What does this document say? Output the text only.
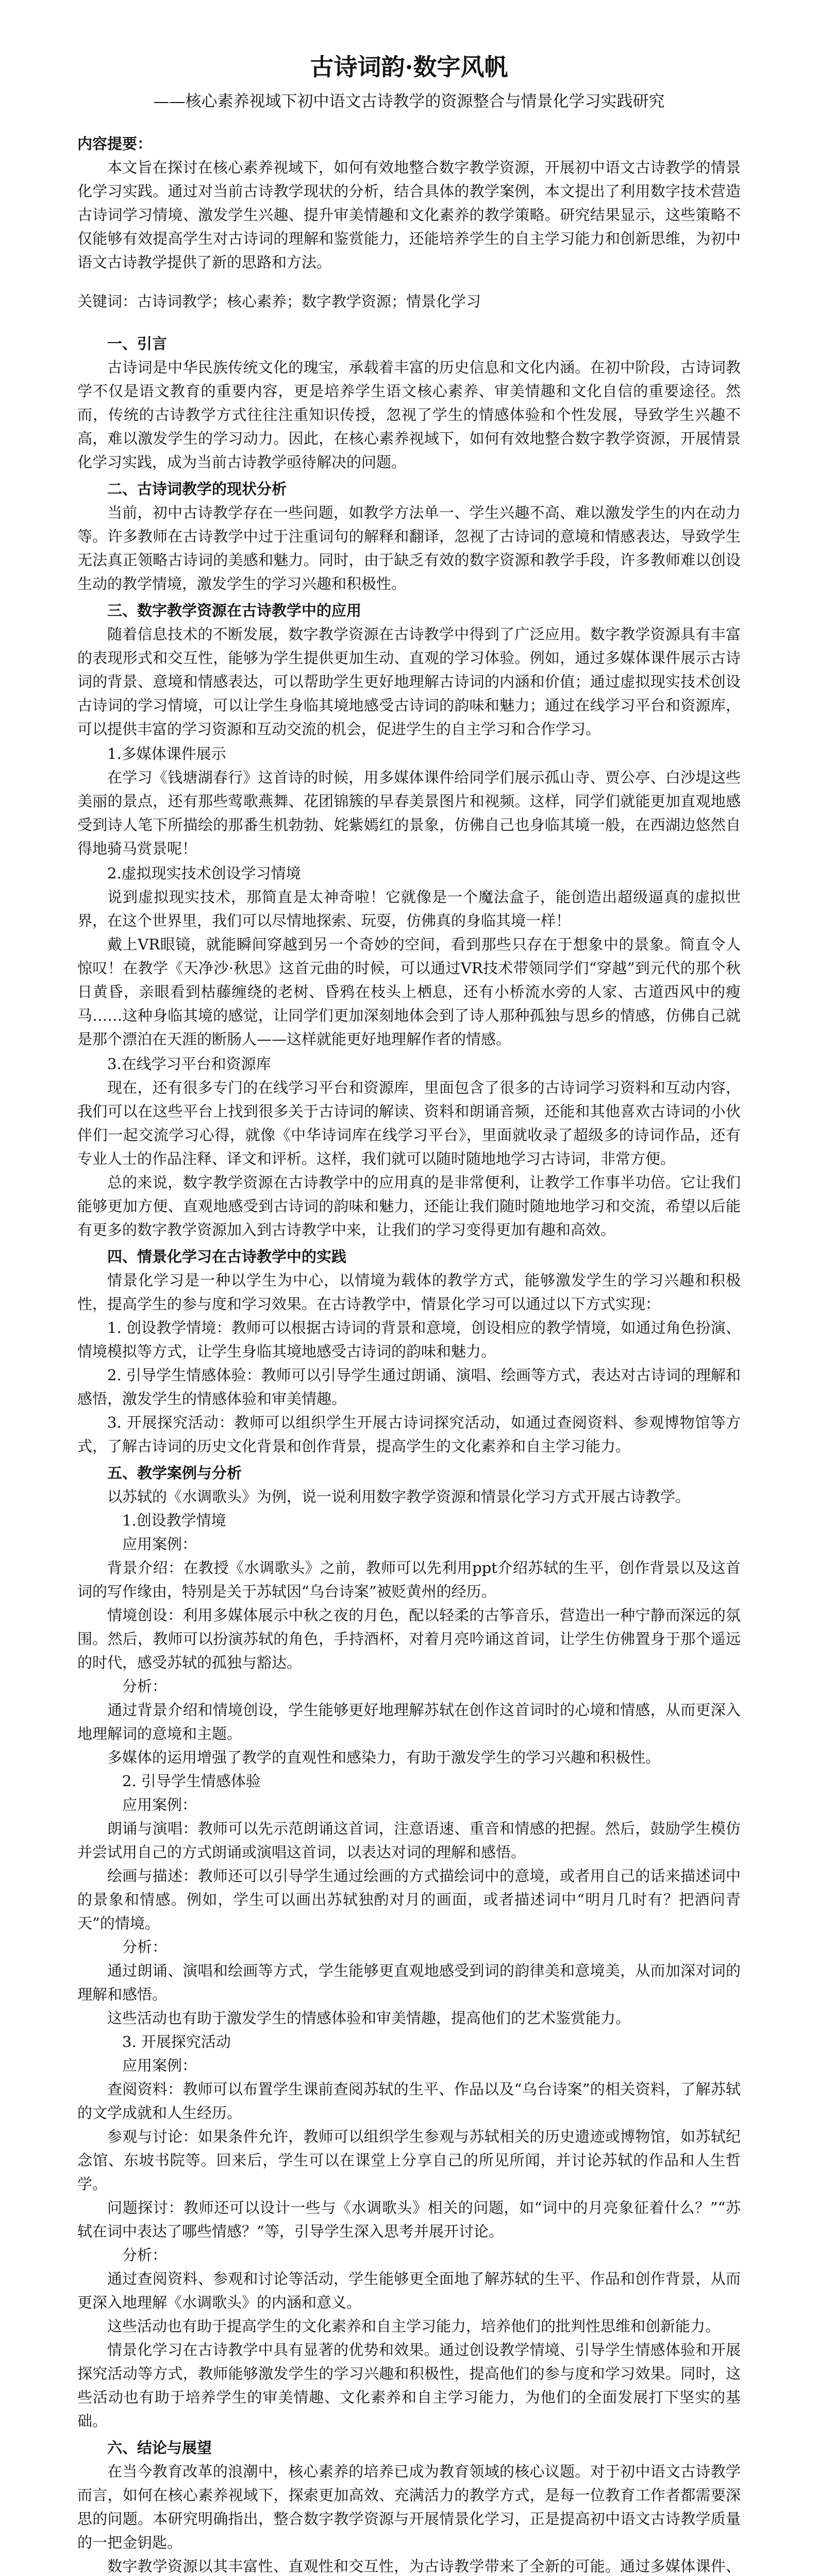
古诗词韵·数字风帆
——核心素养视域下初中语文古诗教学的资源整合与情景化学习实践研究
内容提要：

本文旨在探讨在核心素养视域下，如何有效地整合数字教学资源，开展初中语文古诗教学的情景化学习实践。通过对当前古诗教学现状的分析，结合具体的教学案例，本文提出了利用数字技术营造古诗词学习情境、激发学生兴趣、提升审美情趣和文化素养的教学策略。研究结果显示，这些策略不仅能够有效提高学生对古诗词的理解和鉴赏能力，还能培养学生的自主学习能力和创新思维，为初中语文古诗教学提供了新的思路和方法。

关键词：古诗词教学；核心素养；数字教学资源；情景化学习

一、引言

古诗词是中华民族传统文化的瑰宝，承载着丰富的历史信息和文化内涵。在初中阶段，古诗词教学不仅是语文教育的重要内容，更是培养学生语文核心素养、审美情趣和文化自信的重要途径。然而，传统的古诗教学方式往往注重知识传授，忽视了学生的情感体验和个性发展，导致学生兴趣不高，难以激发学生的学习动力。因此，在核心素养视域下，如何有效地整合数字教学资源，开展情景化学习实践，成为当前古诗教学亟待解决的问题。

二、古诗词教学的现状分析

当前，初中古诗教学存在一些问题，如教学方法单一、学生兴趣不高、难以激发学生的内在动力等。许多教师在古诗教学中过于注重词句的解释和翻译，忽视了古诗词的意境和情感表达，导致学生无法真正领略古诗词的美感和魅力。同时，由于缺乏有效的数字资源和教学手段，许多教师难以创设生动的教学情境，激发学生的学习兴趣和积极性。

三、数字教学资源在古诗教学中的应用

随着信息技术的不断发展，数字教学资源在古诗教学中得到了广泛应用。数字教学资源具有丰富的表现形式和交互性，能够为学生提供更加生动、直观的学习体验。例如，通过多媒体课件展示古诗词的背景、意境和情感表达，可以帮助学生更好地理解古诗词的内涵和价值；通过虚拟现实技术创设古诗词的学习情境，可以让学生身临其境地感受古诗词的韵味和魅力；通过在线学习平台和资源库，可以提供丰富的学习资源和互动交流的机会，促进学生的自主学习和合作学习。

1.多媒体课件展示

在学习《钱塘湖春行》这首诗的时候，用多媒体课件给同学们展示孤山寺、贾公亭、白沙堤这些美丽的景点，还有那些莺歌燕舞、花团锦簇的早春美景图片和视频。这样，同学们就能更加直观地感受到诗人笔下所描绘的那番生机勃勃、姹紫嫣红的景象，仿佛自己也身临其境一般，在西湖边悠然自得地骑马赏景呢！

2.虚拟现实技术创设学习情境

说到虚拟现实技术，那简直是太神奇啦！它就像是一个魔法盒子，能创造出超级逼真的虚拟世界，在这个世界里，我们可以尽情地探索、玩耍，仿佛真的身临其境一样！

戴上VR眼镜，就能瞬间穿越到另一个奇妙的空间，看到那些只存在于想象中的景象。简直令人惊叹！在教学《天净沙·秋思》这首元曲的时候，可以通过VR技术带领同学们“穿越”到元代的那个秋日黄昏，亲眼看到枯藤缠绕的老树、昏鸦在枝头上栖息，还有小桥流水旁的人家、古道西风中的瘦马……这种身临其境的感觉，让同学们更加深刻地体会到了诗人那种孤独与思乡的情感，仿佛自己就是那个漂泊在天涯的断肠人——这样就能更好地理解作者的情感。

3.在线学习平台和资源库

现在，还有很多专门的在线学习平台和资源库，里面包含了很多的古诗词学习资料和互动内容，我们可以在这些平台上找到很多关于古诗词的解读、资料和朗诵音频，还能和其他喜欢古诗词的小伙伴们一起交流学习心得，就像《中华诗词库在线学习平台》，里面就收录了超级多的诗词作品，还有专业人士的作品注释、译文和评析。这样，我们就可以随时随地地学习古诗词，非常方便。

总的来说，数字教学资源在古诗教学中的应用真的是非常便利，让教学工作事半功倍。它让我们能够更加方便、直观地感受到古诗词的韵味和魅力，还能让我们随时随地地学习和交流，希望以后能有更多的数字教学资源加入到古诗教学中来，让我们的学习变得更加有趣和高效。

四、情景化学习在古诗教学中的实践

情景化学习是一种以学生为中心，以情境为载体的教学方式，能够激发学生的学习兴趣和积极性，提高学生的参与度和学习效果。在古诗教学中，情景化学习可以通过以下方式实现：

1. 创设教学情境：教师可以根据古诗词的背景和意境，创设相应的教学情境，如通过角色扮演、情境模拟等方式，让学生身临其境地感受古诗词的韵味和魅力。

2. 引导学生情感体验：教师可以引导学生通过朗诵、演唱、绘画等方式，表达对古诗词的理解和感悟，激发学生的情感体验和审美情趣。

3. 开展探究活动：教师可以组织学生开展古诗词探究活动，如通过查阅资料、参观博物馆等方式，了解古诗词的历史文化背景和创作背景，提高学生的文化素养和自主学习能力。

五、教学案例与分析

以苏轼的《水调歌头》为例，说一说利用数字教学资源和情景化学习方式开展古诗教学。

1.创设教学情境
应用案例：

背景介绍：在教授《水调歌头》之前，教师可以先利用ppt介绍苏轼的生平，创作背景以及这首词的写作缘由，特别是关于苏轼因“乌台诗案”被贬黄州的经历。

情境创设：利用多媒体展示中秋之夜的月色，配以轻柔的古筝音乐，营造出一种宁静而深远的氛围。然后，教师可以扮演苏轼的角色，手持酒杯，对着月亮吟诵这首词，让学生仿佛置身于那个遥远的时代，感受苏轼的孤独与豁达。

分析：

通过背景介绍和情境创设，学生能够更好地理解苏轼在创作这首词时的心境和情感，从而更深入地理解词的意境和主题。

多媒体的运用增强了教学的直观性和感染力，有助于激发学生的学习兴趣和积极性。

2. 引导学生情感体验
应用案例：

朗诵与演唱：教师可以先示范朗诵这首词，注意语速、重音和情感的把握。然后，鼓励学生模仿并尝试用自己的方式朗诵或演唱这首词，以表达对词的理解和感悟。

绘画与描述：教师还可以引导学生通过绘画的方式描绘词中的意境，或者用自己的话来描述词中的景象和情感。例如，学生可以画出苏轼独酌对月的画面，或者描述词中“明月几时有？把酒问青天”的情境。

分析：

通过朗诵、演唱和绘画等方式，学生能够更直观地感受到词的韵律美和意境美，从而加深对词的理解和感悟。

这些活动也有助于激发学生的情感体验和审美情趣，提高他们的艺术鉴赏能力。

3. 开展探究活动
应用案例：

查阅资料：教师可以布置学生课前查阅苏轼的生平、作品以及“乌台诗案”的相关资料，了解苏轼的文学成就和人生经历。

参观与讨论：如果条件允许，教师可以组织学生参观与苏轼相关的历史遗迹或博物馆，如苏轼纪念馆、东坡书院等。回来后，学生可以在课堂上分享自己的所见所闻，并讨论苏轼的作品和人生哲学。

问题探讨：教师还可以设计一些与《水调歌头》相关的问题，如“词中的月亮象征着什么？”“苏轼在词中表达了哪些情感？”等，引导学生深入思考并展开讨论。

分析：

通过查阅资料、参观和讨论等活动，学生能够更全面地了解苏轼的生平、作品和创作背景，从而更深入地理解《水调歌头》的内涵和意义。

这些活动也有助于提高学生的文化素养和自主学习能力，培养他们的批判性思维和创新能力。

情景化学习在古诗教学中具有显著的优势和效果。通过创设教学情境、引导学生情感体验和开展探究活动等方式，教师能够激发学生的学习兴趣和积极性，提高他们的参与度和学习效果。同时，这些活动也有助于培养学生的审美情趣、文化素养和自主学习能力，为他们的全面发展打下坚实的基础。

六、结论与展望

在当今教育改革的浪潮中，核心素养的培养已成为教育领域的核心议题。对于初中语文古诗教学而言，如何在核心素养视域下，探索更加高效、充满活力的教学方式，是每一位教育工作者都需要深思的问题。本研究明确指出，整合数字教学资源与开展情景化学习，正是提高初中语文古诗教学质量的一把金钥匙。

数字教学资源以其丰富性、直观性和交互性，为古诗教学带来了全新的可能。通过多媒体课件、
